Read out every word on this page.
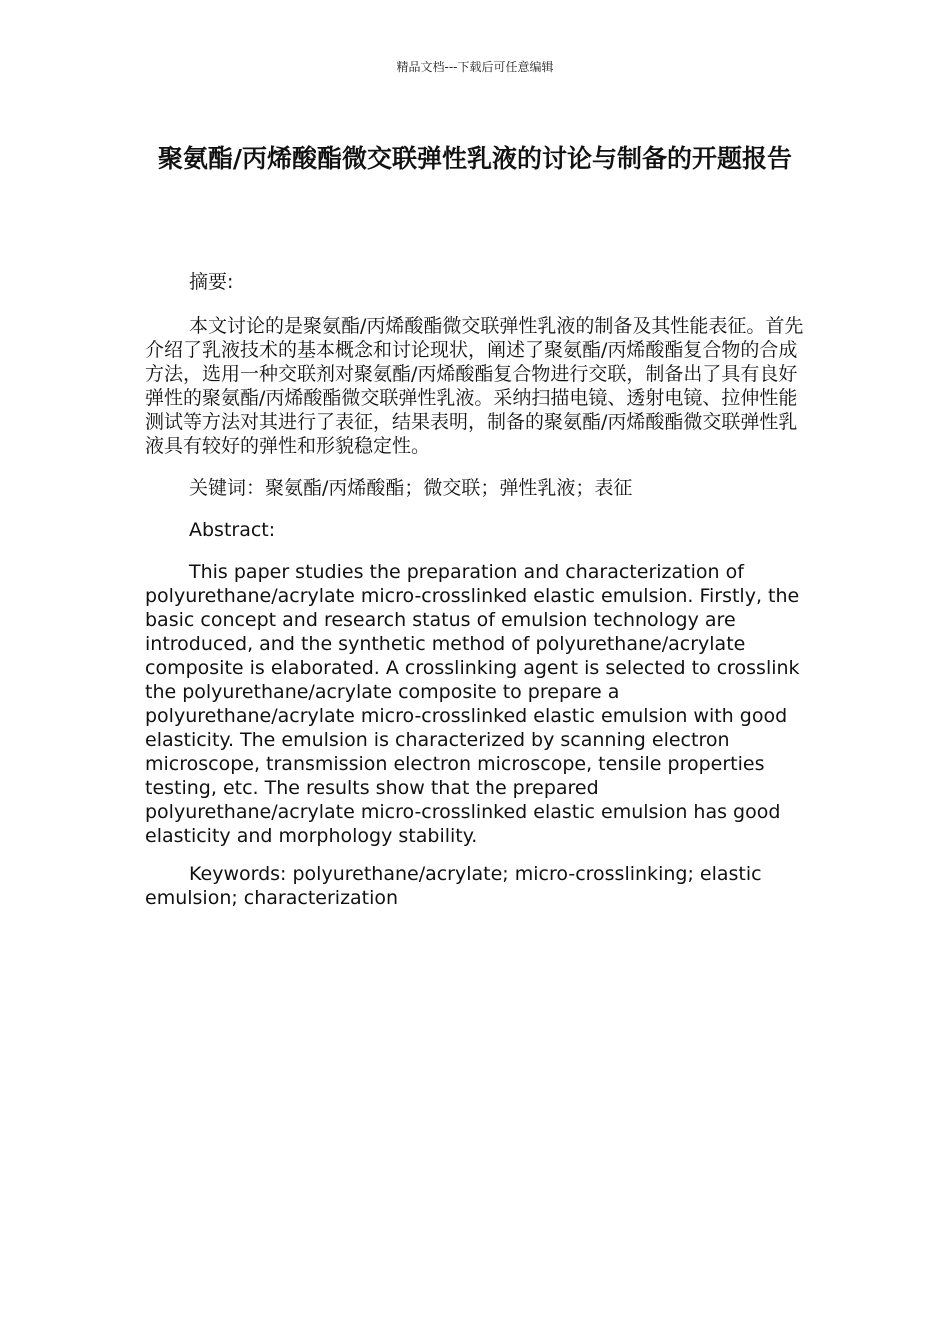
精品文档---下载后可任意编辑
聚氨酯/丙烯酸酯微交联弹性乳液的讨论与制备的开题报告

摘要:

本文讨论的是聚氨酯/丙烯酸酯微交联弹性乳液的制备及其性能表征。首先介绍了乳液技术的基本概念和讨论现状，阐述了聚氨酯/丙烯酸酯复合物的合成方法，选用一种交联剂对聚氨酯/丙烯酸酯复合物进行交联，制备出了具有良好弹性的聚氨酯/丙烯酸酯微交联弹性乳液。采纳扫描电镜、透射电镜、拉伸性能测试等方法对其进行了表征，结果表明，制备的聚氨酯/丙烯酸酯微交联弹性乳液具有较好的弹性和形貌稳定性。

关键词：聚氨酯/丙烯酸酯；微交联；弹性乳液；表征

Abstract:

This paper studies the preparation and characterization of polyurethane/acrylate micro-crosslinked elastic emulsion. Firstly, the basic concept and research status of emulsion technology are introduced, and the synthetic method of polyurethane/acrylate composite is elaborated. A crosslinking agent is selected to crosslink the polyurethane/acrylate composite to prepare a polyurethane/acrylate micro-crosslinked elastic emulsion with good elasticity. The emulsion is characterized by scanning electron microscope, transmission electron microscope, tensile properties testing, etc. The results show that the prepared polyurethane/acrylate micro-crosslinked elastic emulsion has good elasticity and morphology stability.

Keywords: polyurethane/acrylate; micro-crosslinking; elastic emulsion; characterization
